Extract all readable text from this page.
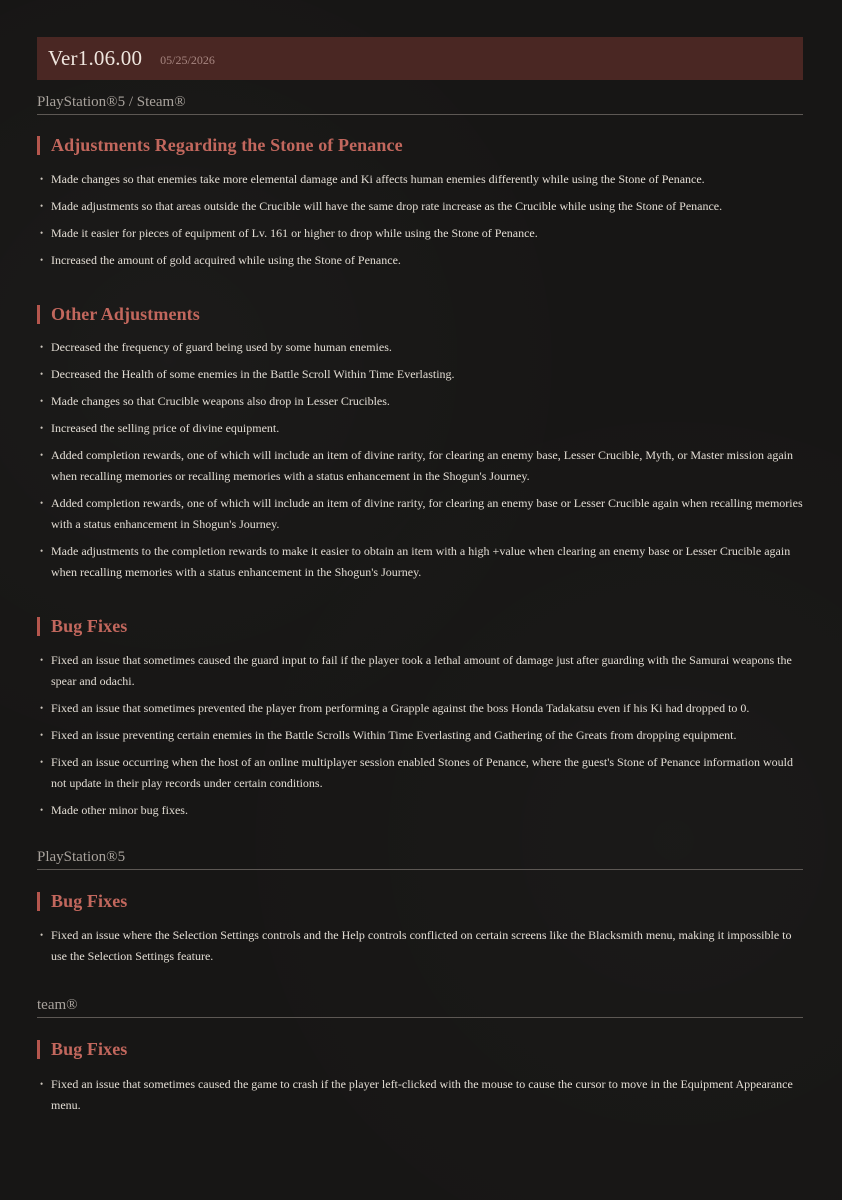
Ver1.06.00 05/25/2026
PlayStation®5 / Steam®
Adjustments Regarding the Stone of Penance
• Made changes so that enemies take more elemental damage and Ki affects human enemies differently while using the Stone of Penance.
• Made adjustments so that areas outside the Crucible will have the same drop rate increase as the Crucible while using the Stone of Penance.
• Made it easier for pieces of equipment of Lv. 161 or higher to drop while using the Stone of Penance.
• Increased the amount of gold acquired while using the Stone of Penance.
Other Adjustments
• Decreased the frequency of guard being used by some human enemies.
• Decreased the Health of some enemies in the Battle Scroll Within Time Everlasting.
• Made changes so that Crucible weapons also drop in Lesser Crucibles.
• Increased the selling price of divine equipment.
• Added completion rewards, one of which will include an item of divine rarity, for clearing an enemy base, Lesser Crucible, Myth, or Master mission again when recalling memories or recalling memories with a status enhancement in the Shogun's Journey.
• Added completion rewards, one of which will include an item of divine rarity, for clearing an enemy base or Lesser Crucible again when recalling memories with a status enhancement in Shogun's Journey.
• Made adjustments to the completion rewards to make it easier to obtain an item with a high +value when clearing an enemy base or Lesser Crucible again when recalling memories with a status enhancement in the Shogun's Journey.
Bug Fixes
• Fixed an issue that sometimes caused the guard input to fail if the player took a lethal amount of damage just after guarding with the Samurai weapons the spear and odachi.
• Fixed an issue that sometimes prevented the player from performing a Grapple against the boss Honda Tadakatsu even if his Ki had dropped to 0.
• Fixed an issue preventing certain enemies in the Battle Scrolls Within Time Everlasting and Gathering of the Greats from dropping equipment.
• Fixed an issue occurring when the host of an online multiplayer session enabled Stones of Penance, where the guest's Stone of Penance information would not update in their play records under certain conditions.
• Made other minor bug fixes.
PlayStation®5
Bug Fixes
• Fixed an issue where the Selection Settings controls and the Help controls conflicted on certain screens like the Blacksmith menu, making it impossible to use the Selection Settings feature.
team®
Bug Fixes
• Fixed an issue that sometimes caused the game to crash if the player left-clicked with the mouse to cause the cursor to move in the Equipment Appearance menu.
